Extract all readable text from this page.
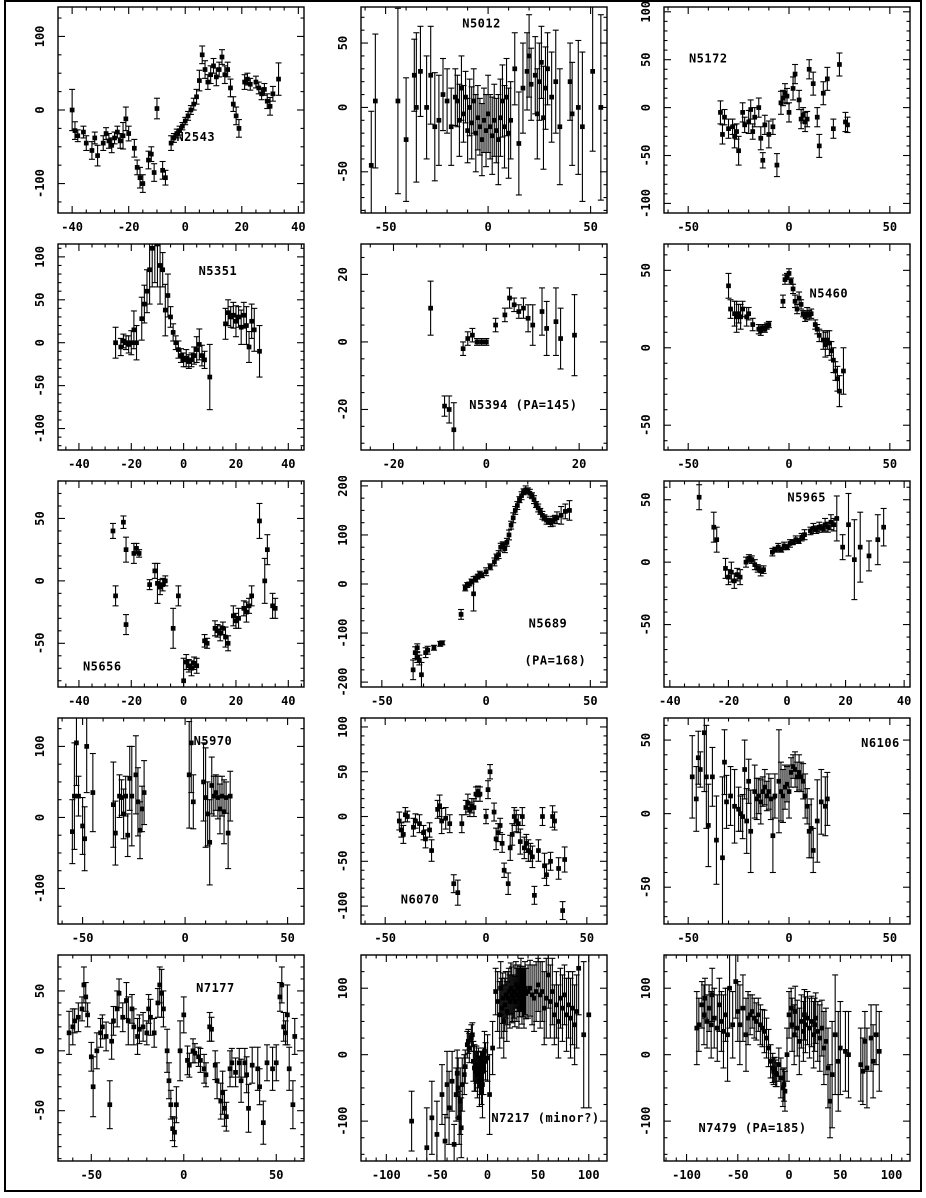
-40	-20	0	20	40
-100
0
100
N2543
-50	0	50
-50
0
50
N5012
-50	0	50
-100
-50
0
50
100
N5172
-40	-20	0	20	40
-100
-50
0
50
100
N5351
-20	0	20
-20
0
20
N5394 (PA=145)
-50	0	50
-50
0
50
N5460
-40	-20	0	20	40
-50
0
50
N5656
-50	0	50
-200
-100
0
100
200
N5689
(PA=168)
-40	-20	0	20	40
-50
0
50	N5965
-50	0	50
-100
0
100	N5970
-50	0	50
-100
-50
0
50
100
N6070
-50	0	50
-50
0
50	N6106
-50	0	50
-50
0
50	N7177
-100 -50	0	50	100
-100
0
100
N7217 (minor?)
-100 -50	0	50	100
-100
0
100
N7479 (PA=185)
